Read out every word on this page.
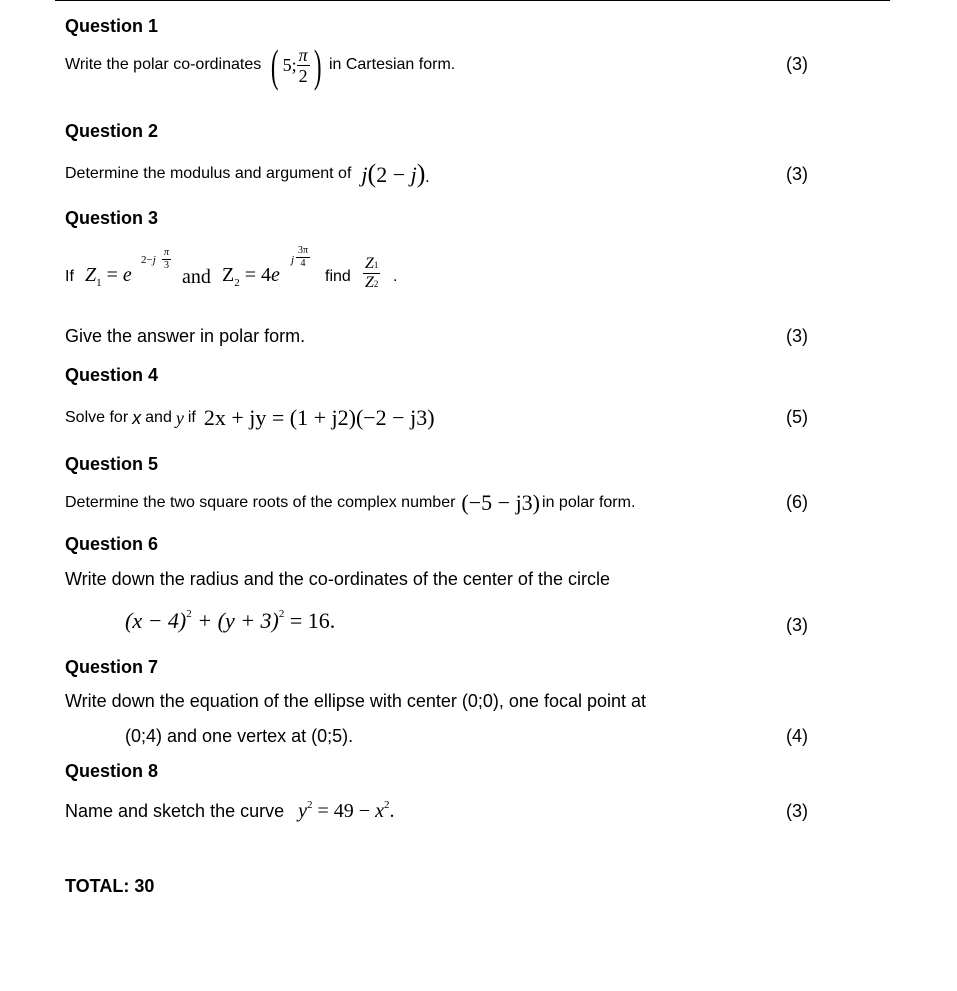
Question 1
Write the polar co-ordinates ( 5; $\frac{\pi}{2}$ ) in Cartesian form.	(3)
Question 2
Determine the modulus and argument of j(2 − j).	(3)
Question 3
If $Z_1 = e$
$2-j \frac{\pi}{3}$
and $Z_2 = 4e$
j $\frac{3\pi}{4}$
find $\frac{Z1}{Z2}$ .
Give the answer in polar form.	(3)
Question 4
Solve for x and y if 2x + jy = (1 + j2)(−2 − j3)	(5)
Question 5
Determine the two square roots of the complex number (−5 − j3) in polar form.	(6)
Question 6
Write down the radius and the co-ordinates of the center of the circle
$(x - 4)^2 + (y + 3)^2 = 16$.	(3)
Question 7
Write down the equation of the ellipse with center (0;0), one focal point at
(0;4) and one vertex at (0;5).	(4)
Question 8
Name and sketch the curve $y^2 = 49 - x^2$.	(3)
TOTAL: 30
